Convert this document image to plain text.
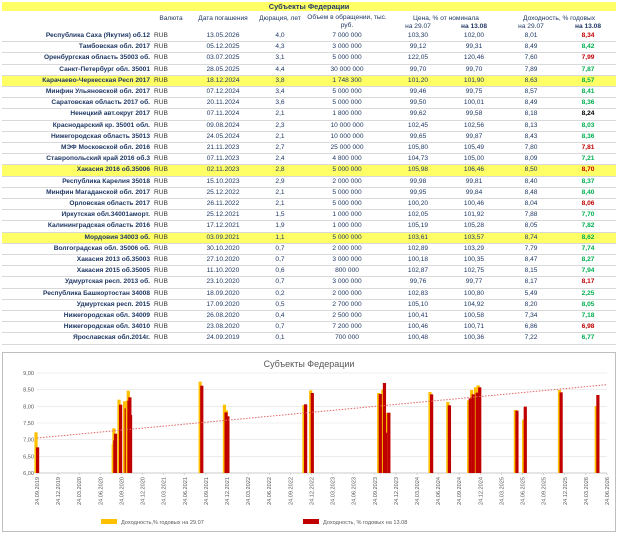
Субъекты Федерации								
	Валюта	Дата погашения	Дюрация, лет	Объем в обращении, тыс. руб.	Цена, % от номинала		Доходность, % годовых	
					на 29.07	на 13.08	на 29.07	на 13.08
Республика Саха (Якутия) об.12	RUB	13.05.2026	4,0	7 000 000	103,30	102,00	8,01	8,34
Тамбовская обл. 2017	RUB	05.12.2025	4,3	3 000 000	99,12	99,31	8,49	8,42
Оренбургская область 35003 об.	RUB	03.07.2025	3,1	5 000 000	122,05	120,46	7,60	7,99
Санкт-Петербург обл. 35001	RUB	28.05.2025	4,4	30 000 000	99,70	99,70	7,89	7,87
Карачаево-Черкесская Респ 2017	RUB	18.12.2024	3,8	1 748 300	101,20	101,90	8,63	8,57
Минфин Ульяновской обл. 2017	RUB	07.12.2024	3,4	5 000 000	99,46	99,75	8,57	8,41
Саратовская область 2017 об.	RUB	20.11.2024	3,6	5 000 000	99,50	100,01	8,49	8,36
Ненецкий авт.округ 2017	RUB	07.11.2024	2,1	1 800 000	99,62	99,58	8,18	8,24
Краснодарский кр. 35001 обл.	RUB	09.08.2024	2,3	10 000 000	102,45	102,56	8,13	8,03
Нижегородская область 35013	RUB	24.05.2024	2,1	10 000 000	99,65	99,87	8,43	8,36
МЭФ Московской обл. 2016	RUB	21.11.2023	2,7	25 000 000	105,80	105,49	7,80	7,81
Ставропольский край 2016 об.3	RUB	07.11.2023	2,4	4 800 000	104,73	105,00	8,09	7,21
Хакасия 2016 об.35006	RUB	02.11.2023	2,8	5 000 000	105,98	106,46	8,50	8,70
Республика Карелия 35018	RUB	15.10.2023	2,9	2 000 000	99,98	99,81	8,40	8,37
Минфин Магаданской обл. 2017	RUB	25.12.2022	2,1	5 000 000	99,95	99,84	8,48	8,40
Орловская область 2017	RUB	26.11.2022	2,1	5 000 000	100,20	100,46	8,04	8,06
Иркутская обл.34001аморт.	RUB	25.12.2021	1,5	1 000 000	102,05	101,92	7,88	7,70
Калининградская область 2016	RUB	17.12.2021	1,9	1 000 000	105,19	105,28	8,05	7,82
Мордовия 34003 об.	RUB	03.09.2021	1,1	5 000 000	103,61	103,57	8,74	8,62
Волгоградская обл. 35006 об.	RUB	30.10.2020	0,7	2 000 000	102,89	103,29	7,79	7,74
Хакасия 2013 об.35003	RUB	27.10.2020	0,7	3 000 000	100,18	100,35	8,47	8,27
Хакасия 2015 об.35005	RUB	11.10.2020	0,6	800 000	102,87	102,75	8,15	7,94
Удмуртская респ. 2013 об.	RUB	23.10.2020	0,7	3 000 000	99,76	99,77	8,17	8,17
Республика Башкортостан 34008	RUB	18.09.2020	0,2	2 000 000	102,83	100,80	5,49	2,25
Удмуртская респ. 2015	RUB	17.09.2020	0,5	2 700 000	105,10	104,92	8,20	8,05
Нижегородская обл. 34009	RUB	26.08.2020	0,4	2 500 000	100,41	100,58	7,34	7,18
Нижегородская обл. 34010	RUB	23.08.2020	0,7	7 200 000	100,46	100,71	6,86	6,98
Ярославская обл.2014г.	RUB	24.09.2019	0,1	700 000	100,48	100,36	7,22	6,77
Субъекты Федерации
6,00
6,50
7,00
7,50
8,00
8,50
9,00
24.09.2019	24.12.2019	24.03.2020	24.06.2020	24.09.2020	24.12.2020	24.03.2021	24.06.2021	24.09.2021	24.12.2021	24.03.2022	24.06.2022	24.09.2022	24.12.2022	24.03.2023	24.06.2023	24.09.2023	24.12.2023	24.03.2024	24.06.2024	24.09.2024	24.12.2024	24.03.2025	24.06.2025	24.09.2025	24.12.2025	24.03.2026	24.06.2026
Доходность,% годовых на 29.07	Доходность, % годовых на 13.08
